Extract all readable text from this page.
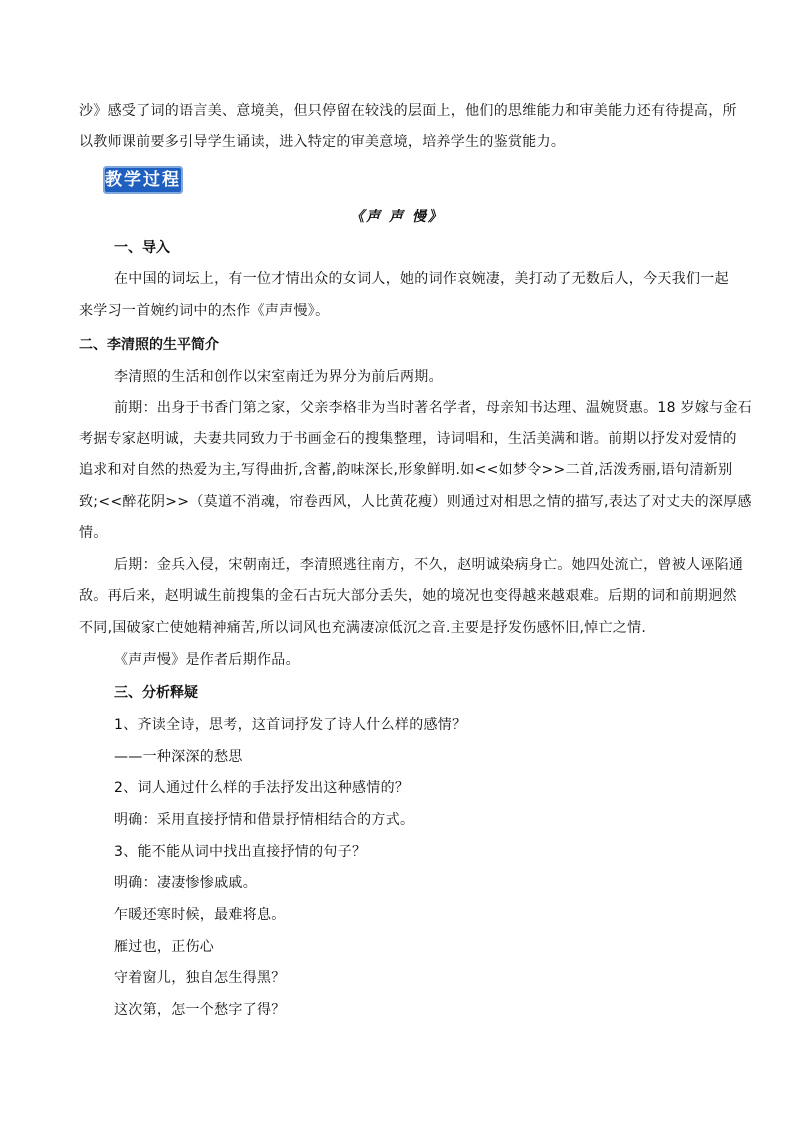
沙》感受了词的语言美、意境美，但只停留在较浅的层面上，他们的思维能力和审美能力还有待提高，所
以教师课前要多引导学生诵读，进入特定的审美意境，培养学生的鉴赏能力。
教学过程
《声 声 慢》
一、导入
在中国的词坛上，有一位才情出众的女词人，她的词作哀婉凄，美打动了无数后人，今天我们一起
来学习一首婉约词中的杰作《声声慢》。
二、李清照的生平简介
李清照的生活和创作以宋室南迁为界分为前后两期。
前期：出身于书香门第之家，父亲李格非为当时著名学者，母亲知书达理、温婉贤惠。18 岁嫁与金石
考据专家赵明诚，夫妻共同致力于书画金石的搜集整理，诗词唱和，生活美满和谐。前期以抒发对爱情的
追求和对自然的热爱为主,写得曲折,含蓄,韵味深长,形象鲜明.如<<如梦令>>二首,活泼秀丽,语句清新别
致;<<醉花阴>>（莫道不消魂，帘卷西风，人比黄花瘦）则通过对相思之情的描写,表达了对丈夫的深厚感
情。
后期：金兵入侵，宋朝南迁，李清照逃往南方，不久，赵明诚染病身亡。她四处流亡，曾被人诬陷通
敌。再后来，赵明诚生前搜集的金石古玩大部分丢失，她的境况也变得越来越艰难。后期的词和前期迥然
不同,国破家亡使她精神痛苦,所以词风也充满凄凉低沉之音.主要是抒发伤感怀旧,悼亡之情.
《声声慢》是作者后期作品。
三、分析释疑
1、齐读全诗，思考，这首词抒发了诗人什么样的感情？
——一种深深的愁思
2、词人通过什么样的手法抒发出这种感情的？
明确：采用直接抒情和借景抒情相结合的方式。
3、能不能从词中找出直接抒情的句子？
明确：凄凄惨惨戚戚。
乍暖还寒时候，最难将息。
雁过也，正伤心
守着窗儿，独自怎生得黑？
这次第，怎一个愁字了得？
